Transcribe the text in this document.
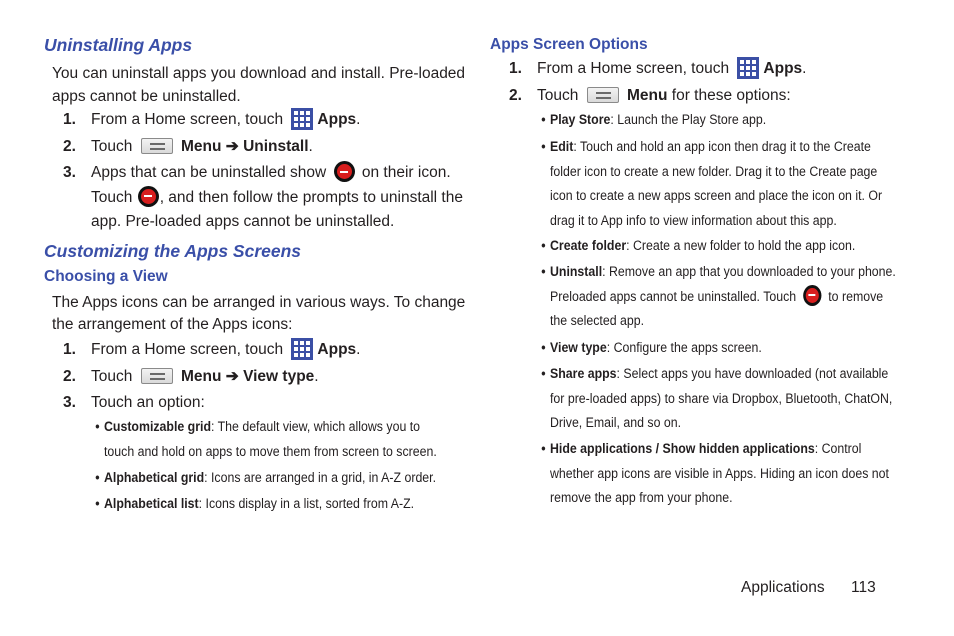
Uninstalling Apps
You can uninstall apps you download and install. Pre-loaded
apps cannot be uninstalled.
1. From a Home screen, touch Apps.
2. Touch	Menu ➔ Uninstall.
3. Apps that can be uninstalled show on their icon.
Touch , and then follow the prompts to uninstall the
app. Pre-loaded apps cannot be uninstalled.
Customizing the Apps Screens
Choosing a View
The Apps icons can be arranged in various ways. To change
the arrangement of the Apps icons:
1. From a Home screen, touch Apps.
2. Touch	Menu ➔ View type.
3. Touch an option:
• Customizable grid: The default view, which allows you to
touch and hold on apps to move them from screen to screen.
• Alphabetical grid: Icons are arranged in a grid, in A-Z order.
• Alphabetical list: Icons display in a list, sorted from A-Z.
Apps Screen Options
1. From a Home screen, touch Apps.
2. Touch	Menu for these options:
• Play Store: Launch the Play Store app.
• Edit: Touch and hold an app icon then drag it to the Create
folder icon to create a new folder. Drag it to the Create page
icon to create a new apps screen and place the icon on it. Or
drag it to App info to view information about this app.
• Create folder: Create a new folder to hold the app icon.
• Uninstall: Remove an app that you downloaded to your phone.
Preloaded apps cannot be uninstalled. Touch to remove
the selected app.
• View type: Configure the apps screen.
• Share apps: Select apps you have downloaded (not available
for pre-loaded apps) to share via Dropbox, Bluetooth, ChatON,
Drive, Email, and so on.
• Hide applications / Show hidden applications: Control
whether app icons are visible in Apps. Hiding an icon does not
remove the app from your phone.
Applications 113
